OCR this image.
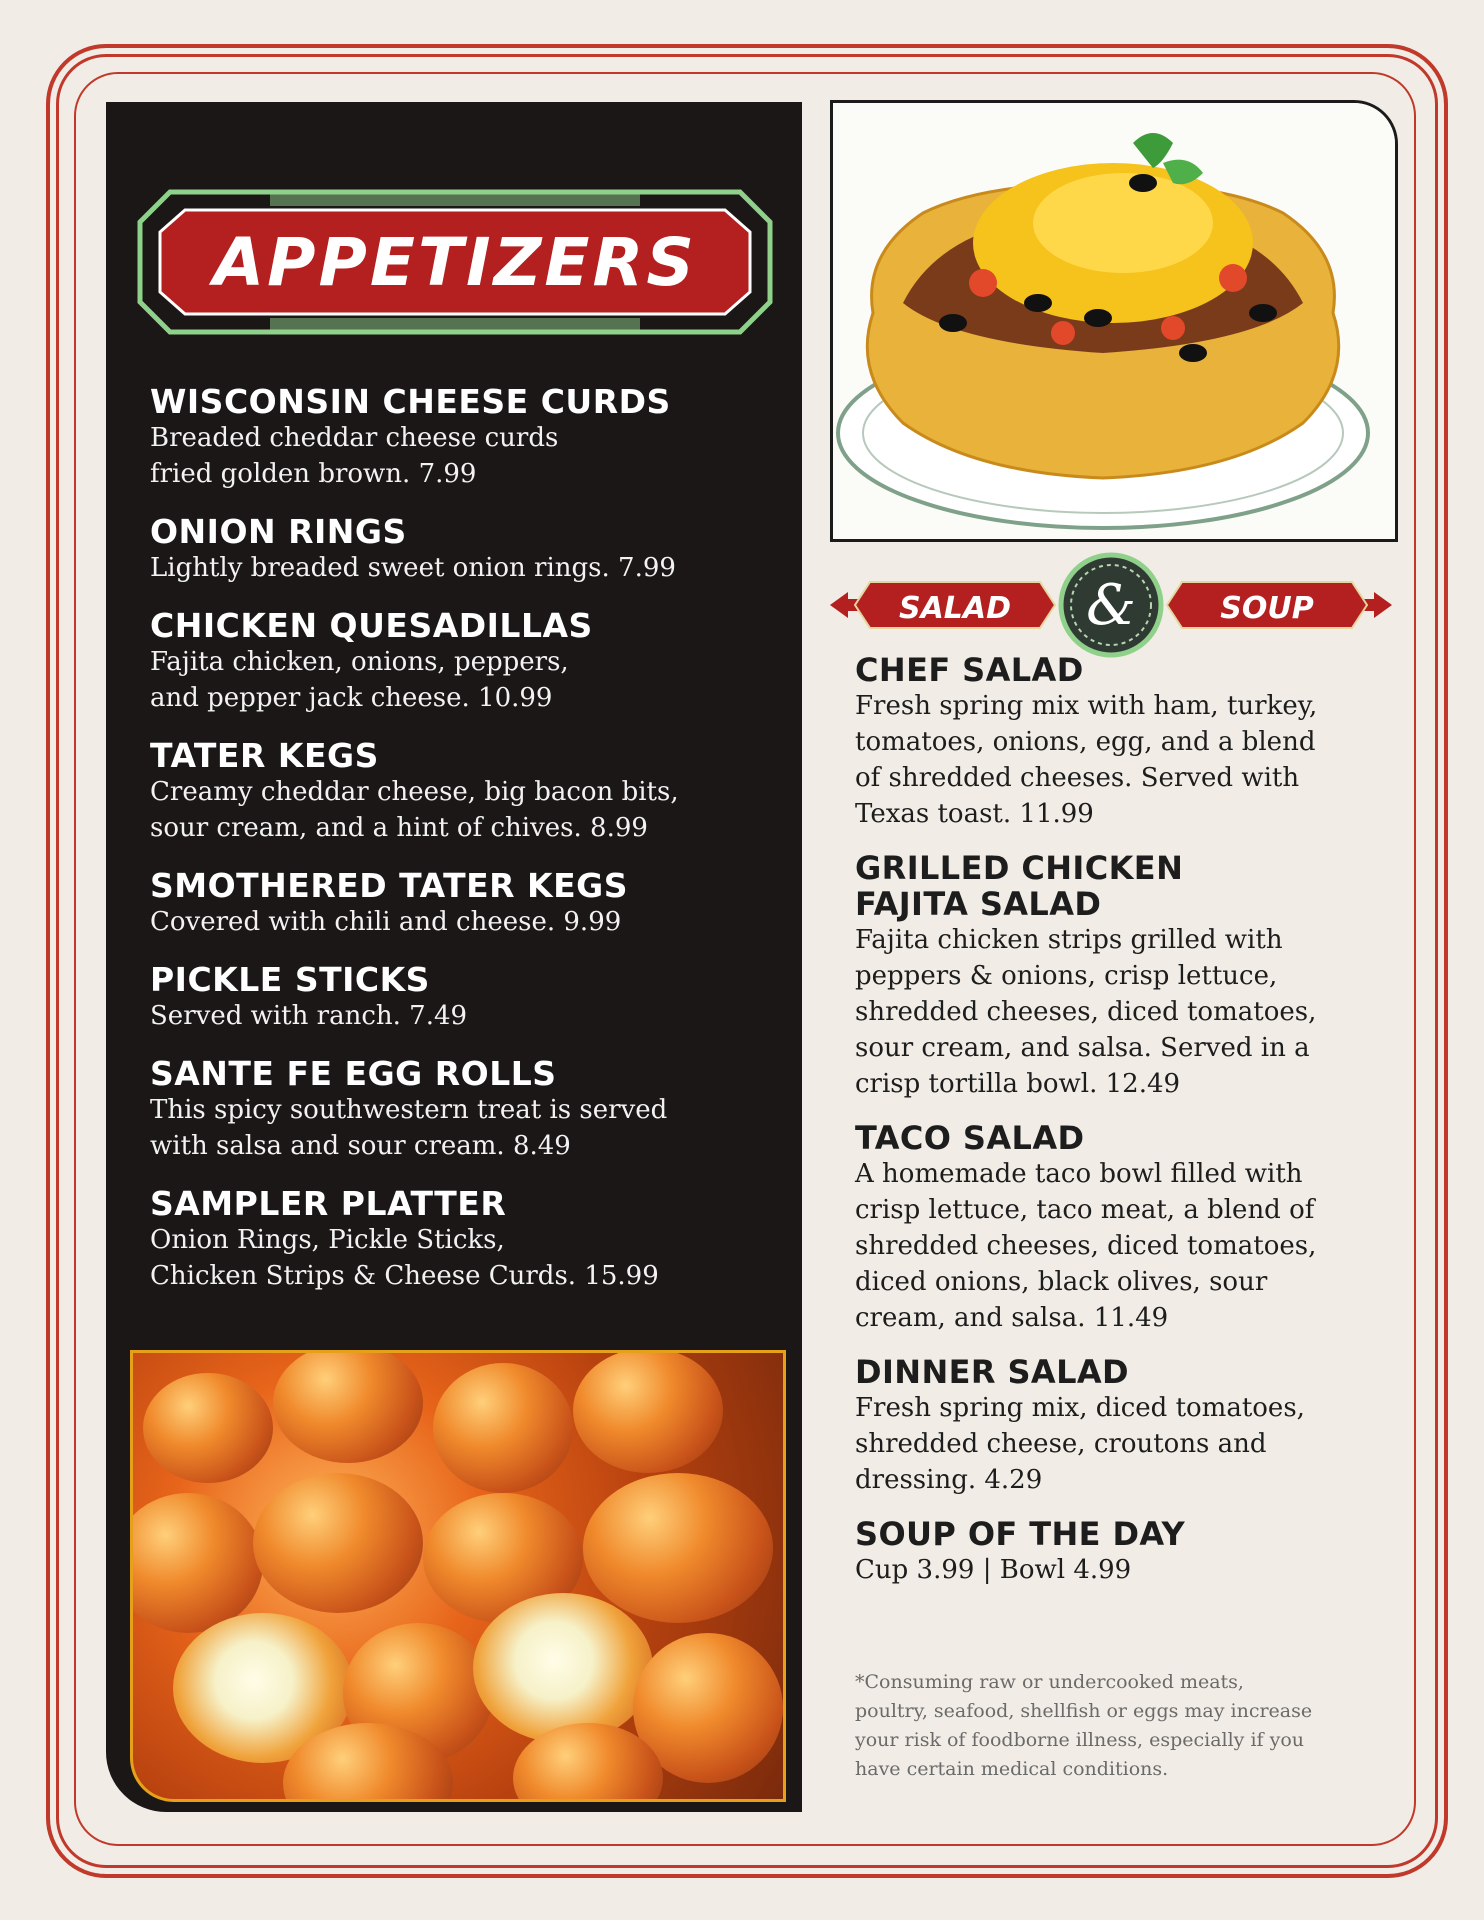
APPETIZERS
WISCONSIN CHEESE CURDS
Breaded cheddar cheese curds
fried golden brown. 7.99
ONION RINGS
Lightly breaded sweet onion rings. 7.99
CHICKEN QUESADILLAS
Fajita chicken, onions, peppers,
and pepper jack cheese. 10.99
TATER KEGS
Creamy cheddar cheese, big bacon bits,
sour cream, and a hint of chives. 8.99
SMOTHERED TATER KEGS
Covered with chili and cheese. 9.99
PICKLE STICKS
Served with ranch. 7.49
SANTE FE EGG ROLLS
This spicy southwestern treat is served
with salsa and sour cream. 8.49
SAMPLER PLATTER
Onion Rings, Pickle Sticks,
Chicken Strips & Cheese Curds. 15.99
SALAD &	SOUP
CHEF SALAD
Fresh spring mix with ham, turkey,
tomatoes, onions, egg, and a blend
of shredded cheeses. Served with
Texas toast. 11.99
GRILLED CHICKEN
FAJITA SALAD
Fajita chicken strips grilled with
peppers & onions, crisp lettuce,
shredded cheeses, diced tomatoes,
sour cream, and salsa. Served in a
crisp tortilla bowl. 12.49
TACO SALAD
A homemade taco bowl filled with
crisp lettuce, taco meat, a blend of
shredded cheeses, diced tomatoes,
diced onions, black olives, sour
cream, and salsa. 11.49
DINNER SALAD
Fresh spring mix, diced tomatoes,
shredded cheese, croutons and
dressing. 4.29
SOUP OF THE DAY
Cup 3.99 | Bowl 4.99
*Consuming raw or undercooked meats,
poultry, seafood, shellfish or eggs may increase
your risk of foodborne illness, especially if you
have certain medical conditions.
